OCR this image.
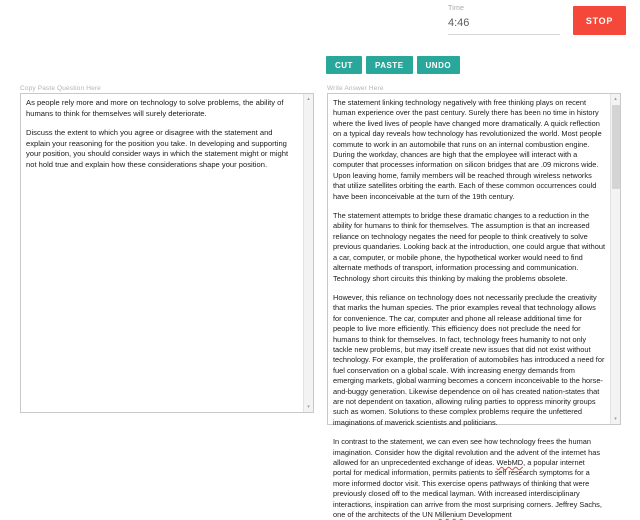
Time
4:46	STOP
CUT	PASTE	UNDO
Copy Paste Question Here	Write Answer Here

As people rely more and more on technology to solve problems, the ability of humans to think for themselves will surely deteriorate.

Discuss the extent to which you agree or disagree with the statement and explain your reasoning for the position you take. In developing and supporting your position, you should consider ways in which the statement might or might not hold true and explain how these considerations shape your position.

▴
▾

The statement linking technology negatively with free thinking plays on recent human experience over the past century. Surely there has been no time in history where the lived lives of people have changed more dramatically. A quick reflection on a typical day reveals how technology has revolutionized the world. Most people commute to work in an automobile that runs on an internal combustion engine. During the workday, chances are high that the employee will interact with a computer that processes information on silicon bridges that are .09 microns wide. Upon leaving home, family members will be reached through wireless networks that utilize satellites orbiting the earth. Each of these common occurrences could have been inconceivable at the turn of the 19th century.

The statement attempts to bridge these dramatic changes to a reduction in the ability for humans to think for themselves. The assumption is that an increased reliance on technology negates the need for people to think creatively to solve previous quandaries. Looking back at the introduction, one could argue that without a car, computer, or mobile phone, the hypothetical worker would need to find alternate methods of transport, information processing and communication. Technology short circuits this thinking by making the problems obsolete.

However, this reliance on technology does not necessarily preclude the creativity that marks the human species. The prior examples reveal that technology allows for convenience. The car, computer and phone all release additional time for people to live more efficiently. This efficiency does not preclude the need for humans to think for themselves. In fact, technology frees humanity to not only tackle new problems, but may itself create new issues that did not exist without technology. For example, the proliferation of automobiles has introduced a need for fuel conservation on a global scale. With increasing energy demands from emerging markets, global warming becomes a concern inconceivable to the horse-and-buggy generation. Likewise dependence on oil has created nation-states that are not dependent on taxation, allowing ruling parties to oppress minority groups such as women. Solutions to these complex problems require the unfettered imaginations of maverick scientists and politicians.

In contrast to the statement, we can even see how technology frees the human imagination. Consider how the digital revolution and the advent of the internet has allowed for an unprecedented exchange of ideas. WebMD, a popular internet portal for medical information, permits patients to self research symptoms for a more informed doctor visit. This exercise opens pathways of thinking that were previously closed off to the medical layman. With increased interdisciplinary interactions, inspiration can arrive from the most surprising corners. Jeffrey Sachs, one of the architects of the UN Millenium Development

▴
▾
